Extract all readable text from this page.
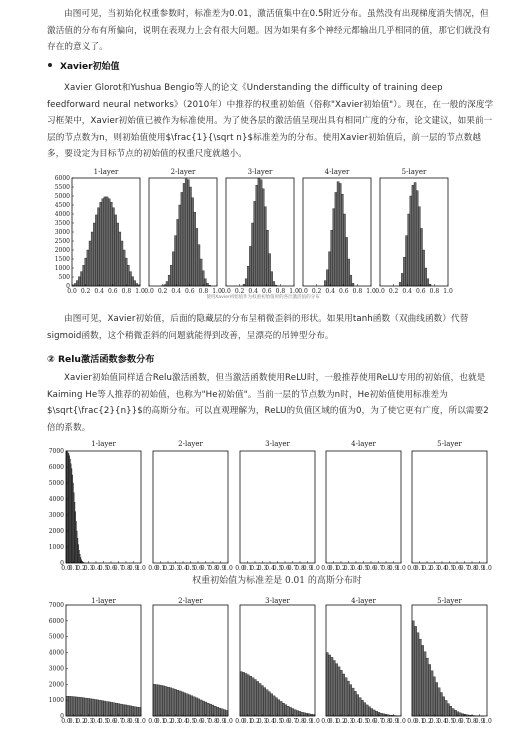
由图可见，当初始化权重参数时，标准差为0.01，激活值集中在0.5附近分布。虽然没有出现梯度消失情况，但激活值的分布有所偏向，说明在表现力上会有很大问题。因为如果有多个神经元都输出几乎相同的值，那它们就没有存在的意义了。

Xavier初始值

Xavier Glorot和Yushua Bengio等人的论文《Understanding the difficulty of training deep feedforward neural networks》（2010年）中推荐的权重初始值（俗称"Xavier初始值"）。现在，在一般的深度学习框架中，Xavier初始值已被作为标准使用。为了使各层的激活值呈现出具有相同广度的分布，论文建议，如果前一层的节点数为n，则初始值使用$\frac{1}{\sqrt n}$标准差为的分布。使用Xavier初始值后，前一层的节点数越多，要设定为目标节点的初始值的权重尺度就越小。

由图可见，Xavier初始值，后面的隐藏层的分布呈稍微歪斜的形状。如果用tanh函数（双曲线函数）代替sigmoid函数，这个稍微歪斜的问题就能得到改善，呈漂亮的吊钟型分布。

② Relu激活函数参数分布

Xavier初始值同样适合Relu激活函数，但当激活函数使用ReLU时，一般推荐使用ReLU专用的初始值，也就是Kaiming He等人推荐的初始值，也称为"He初始值"。当前一层的节点数为n时，He初始值使用标准差为$\sqrt{\frac{2}{n}}$的高斯分布。可以直观理解为，ReLU的负值区域的值为0，为了使它更有广度，所以需要2倍的系数。

1-layer
0.0 0.2 0.4 0.6 0.8 1.0
0
500
1000
1500
2000
2500
3000
3500
4000
4500
5000
5500
6000
2-layer
0.0 0.2 0.4 0.6 0.8 1.0
3-layer
0.0 0.2 0.4 0.6 0.8 1.0
4-layer
0.0 0.2 0.4 0.6 0.8 1.0
5-layer
0.0 0.2 0.4 0.6 0.8 1.0
使用Xavier初始值作为权重初始值时的各层激活值的分布
1-layer
0.0
0.1
0.2
0.3
0.4
0.5
0.6
0.7
0.8
0.9
1.0
0
1000
2000
3000
4000
5000
6000
7000
2-layer
0.0
0.1
0.2
0.3
0.4
0.5
0.6
0.7
0.8
0.9
1.0
3-layer
0.0
0.1
0.2
0.3
0.4
0.5
0.6
0.7
0.8
0.9
1.0
4-layer
0.0
0.1
0.2
0.3
0.4
0.5
0.6
0.7
0.8
0.9
1.0
5-layer
0.0
0.1
0.2
0.3
0.4
0.5
0.6
0.7
0.8
0.9
1.0
权重初始值为标准差是 0.01 的高斯分布时
1-layer
0.0
0.1
0.2
0.3
0.4
0.5
0.6
0.7
0.8
0.9
1.0
0
1000
2000
3000
4000
5000
6000
7000
2-layer
0.0
0.1
0.2
0.3
0.4
0.5
0.6
0.7
0.8
0.9
1.0
3-layer
0.0
0.1
0.2
0.3
0.4
0.5
0.6
0.7
0.8
0.9
1.0
4-layer
0.0
0.1
0.2
0.3
0.4
0.5
0.6
0.7
0.8
0.9
1.0
5-layer
0.0
0.1
0.2
0.3
0.4
0.5
0.6
0.7
0.8
0.9
1.0
